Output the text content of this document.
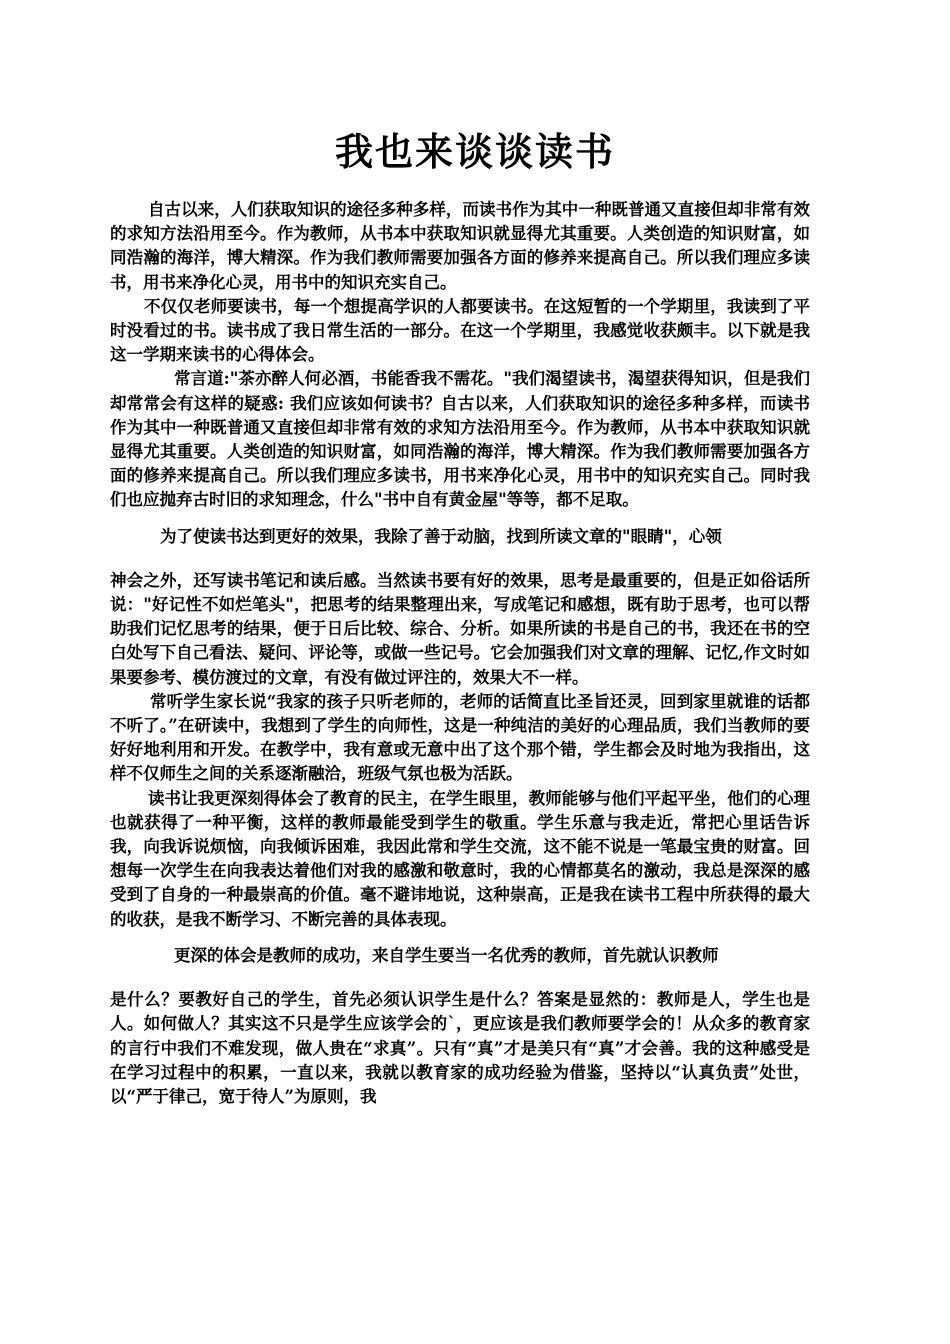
我也来谈谈读书

自古以来，人们获取知识的途径多种多样，而读书作为其中一种既普通又直接但却非常有效的求知方法沿用至今。作为教师，从书本中获取知识就显得尤其重要。人类创造的知识财富，如同浩瀚的海洋，博大精深。作为我们教师需要加强各方面的修养来提高自己。所以我们理应多读书，用书来净化心灵，用书中的知识充实自己。

不仅仅老师要读书，每一个想提高学识的人都要读书。在这短暂的一个学期里，我读到了平时没看过的书。读书成了我日常生活的一部分。在这一个学期里，我感觉收获颇丰。以下就是我这一学期来读书的心得体会。

常言道:"茶亦醉人何必酒，书能香我不需花。"我们渴望读书，渴望获得知识，但是我们却常常会有这样的疑惑: 我们应该如何读书？自古以来，人们获取知识的途径多种多样，而读书作为其中一种既普通又直接但却非常有效的求知方法沿用至今。作为教师，从书本中获取知识就显得尤其重要。人类创造的知识财富，如同浩瀚的海洋，博大精深。作为我们教师需要加强各方面的修养来提高自己。所以我们理应多读书，用书来净化心灵，用书中的知识充实自己。同时我们也应抛弃古时旧的求知理念，什么"书中自有黄金屋"等等，都不足取。

为了使读书达到更好的效果，我除了善于动脑，找到所读文章的"眼睛"，心领

神会之外，还写读书笔记和读后感。当然读书要有好的效果，思考是最重要的，但是正如俗话所说："好记性不如烂笔头"，把思考的结果整理出来，写成笔记和感想，既有助于思考，也可以帮助我们记忆思考的结果，便于日后比较、综合、分析。如果所读的书是自己的书，我还在书的空白处写下自己看法、疑问、评论等，或做一些记号。它会加强我们对文章的理解、记忆,作文时如果要参考、模仿渡过的文章，有没有做过评注的，效果大不一样。

常听学生家长说“我家的孩子只听老师的，老师的话简直比圣旨还灵，回到家里就谁的话都不听了。”在研读中，我想到了学生的向师性，这是一种纯洁的美好的心理品质，我们当教师的要好好地利用和开发。在教学中，我有意或无意中出了这个那个错，学生都会及时地为我指出，这样不仅师生之间的关系逐渐融洽，班级气氛也极为活跃。

读书让我更深刻得体会了教育的民主，在学生眼里，教师能够与他们平起平坐，他们的心理也就获得了一种平衡，这样的教师最能受到学生的敬重。学生乐意与我走近，常把心里话告诉我，向我诉说烦恼，向我倾诉困难，我因此常和学生交流，这不能不说是一笔最宝贵的财富。回想每一次学生在向我表达着他们对我的感激和敬意时，我的心情都莫名的激动，我总是深深的感受到了自身的一种最崇高的价值。毫不避讳地说，这种崇高，正是我在读书工程中所获得的最大的收获，是我不断学习、不断完善的具体表现。

更深的体会是教师的成功，来自学生要当一名优秀的教师，首先就认识教师

是什么？要教好自己的学生，首先必须认识学生是什么？答案是显然的：教师是人，学生也是人。如何做人？其实这不只是学生应该学会的`，更应该是我们教师要学会的！从众多的教育家的言行中我们不难发现，做人贵在“求真”。只有“真”才是美只有“真”才会善。我的这种感受是在学习过程中的积累，一直以来，我就以教育家的成功经验为借鉴，坚持以“认真负责”处世，以“严于律己，宽于待人”为原则，我
